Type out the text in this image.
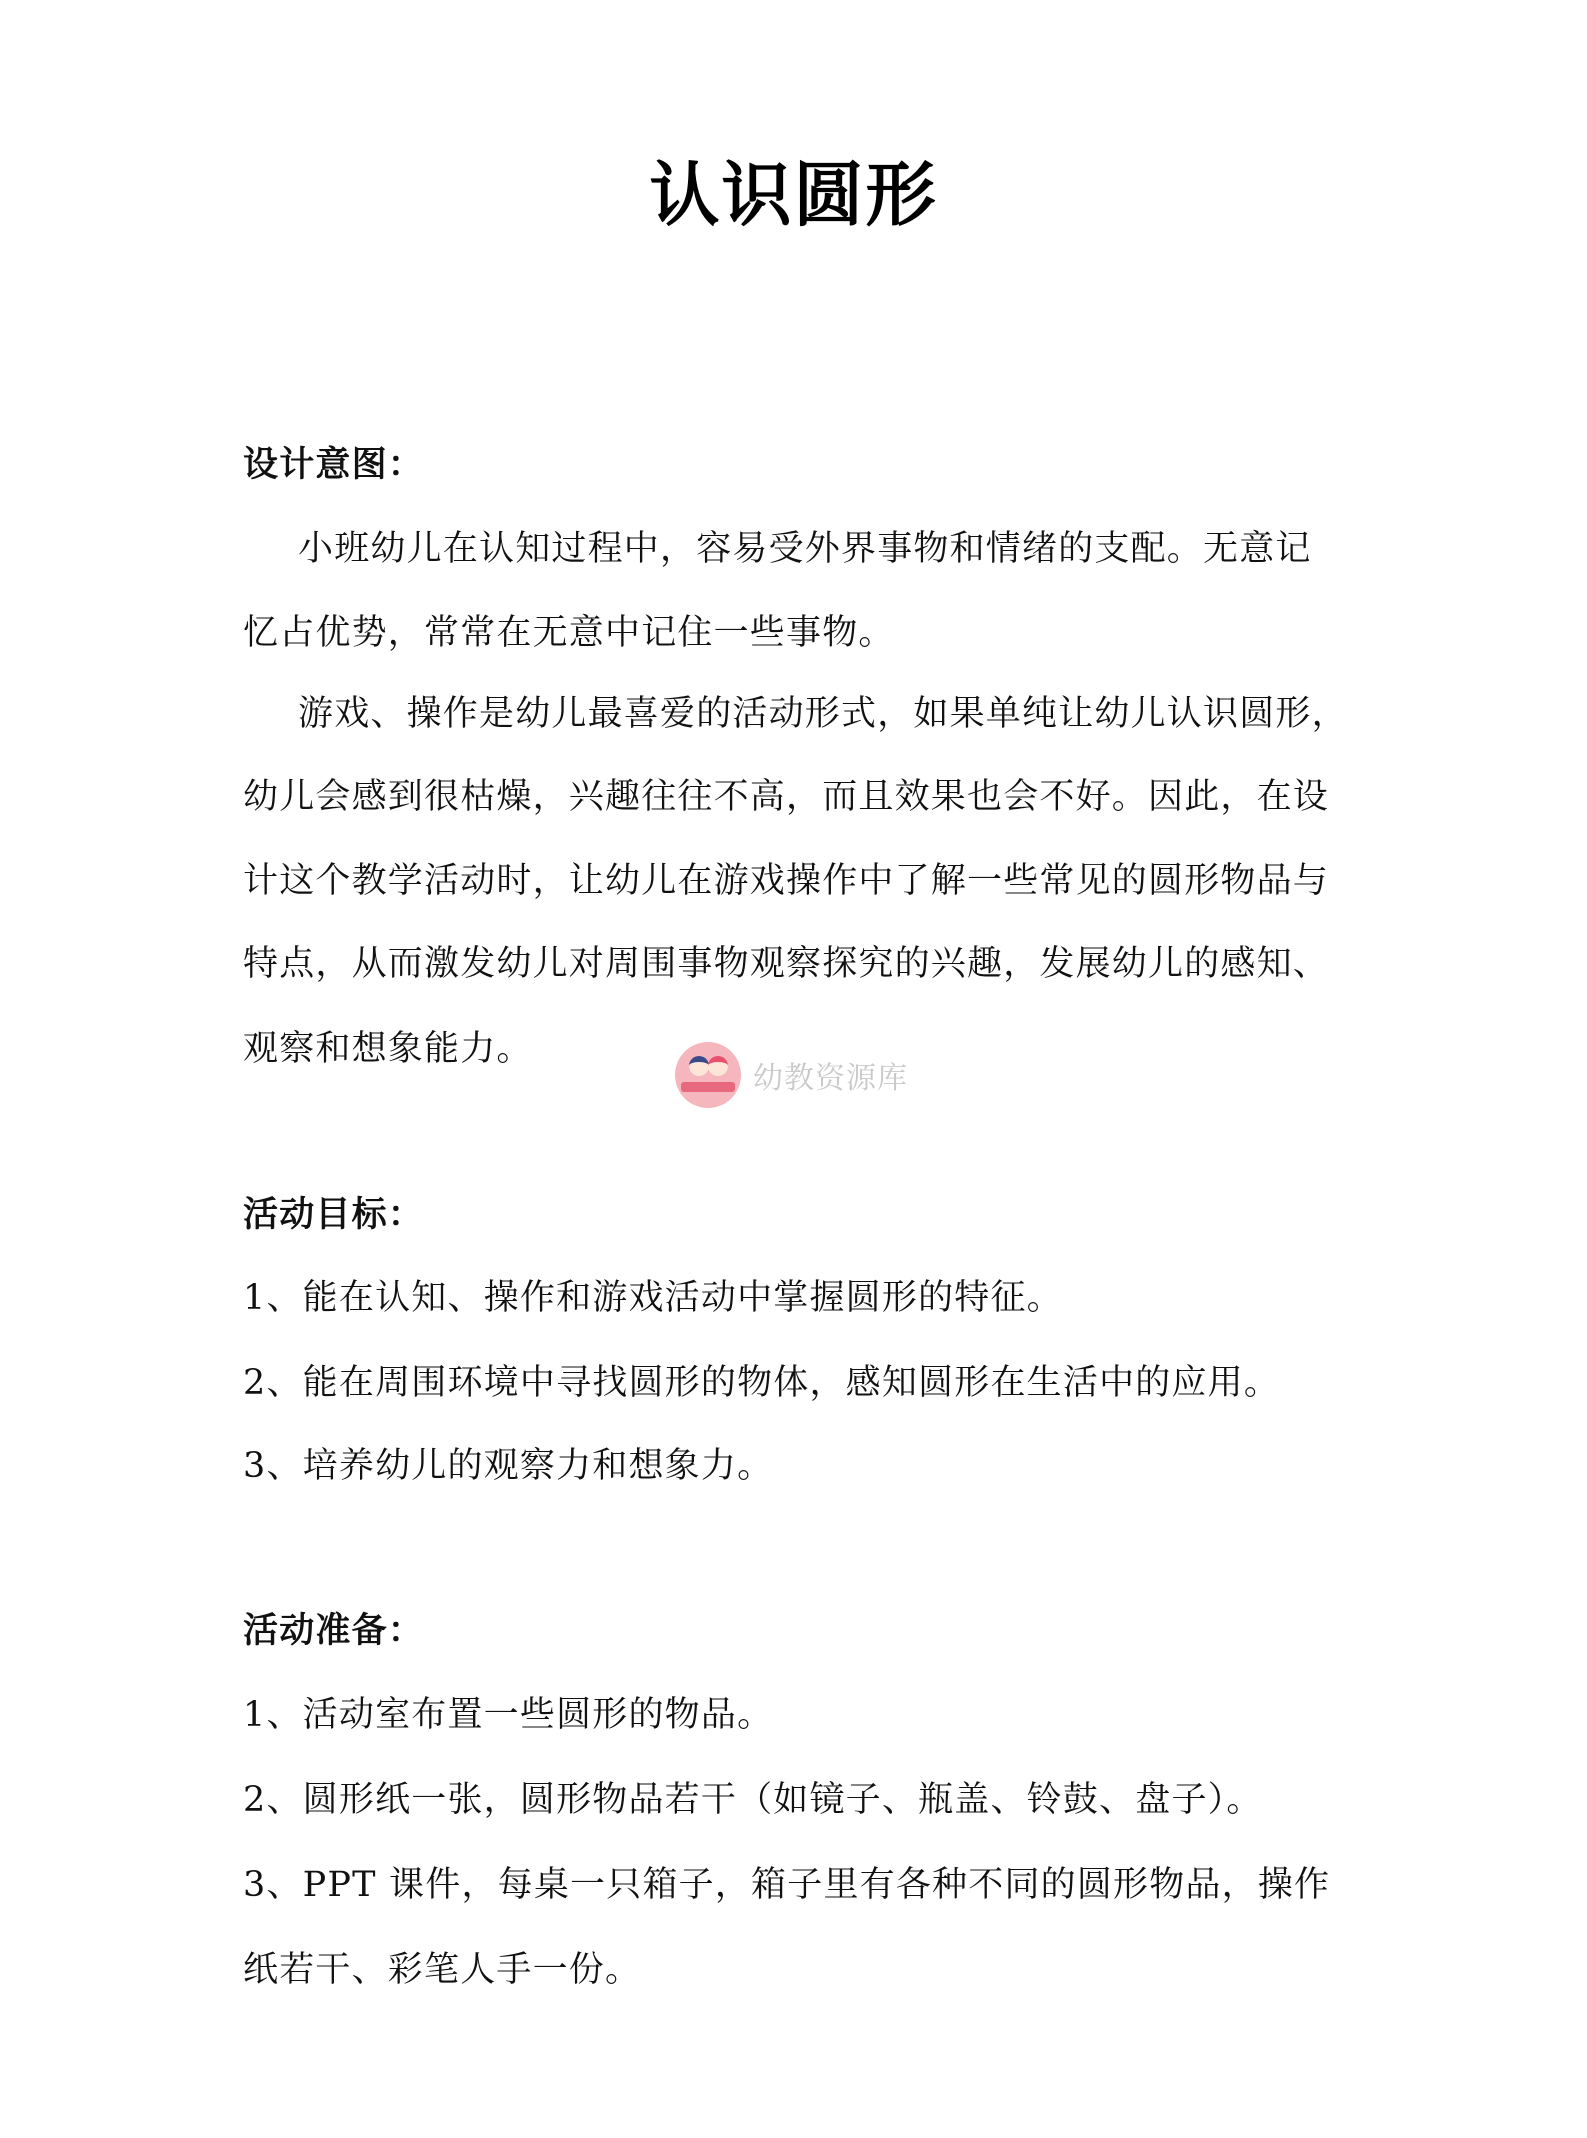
认识圆形
设计意图：
小班幼儿在认知过程中，容易受外界事物和情绪的支配。无意记
忆占优势，常常在无意中记住一些事物。
游戏、操作是幼儿最喜爱的活动形式，如果单纯让幼儿认识圆形，
幼儿会感到很枯燥，兴趣往往不高，而且效果也会不好。因此，在设
计这个教学活动时，让幼儿在游戏操作中了解一些常见的圆形物品与
特点，从而激发幼儿对周围事物观察探究的兴趣，发展幼儿的感知、
观察和想象能力。
幼教资源库
活动目标：
1、能在认知、操作和游戏活动中掌握圆形的特征。
2、能在周围环境中寻找圆形的物体，感知圆形在生活中的应用。
3、培养幼儿的观察力和想象力。
活动准备：
1、活动室布置一些圆形的物品。
2、圆形纸一张，圆形物品若干（如镜子、瓶盖、铃鼓、盘子）。
3、PPT 课件，每桌一只箱子，箱子里有各种不同的圆形物品，操作
纸若干、彩笔人手一份。
